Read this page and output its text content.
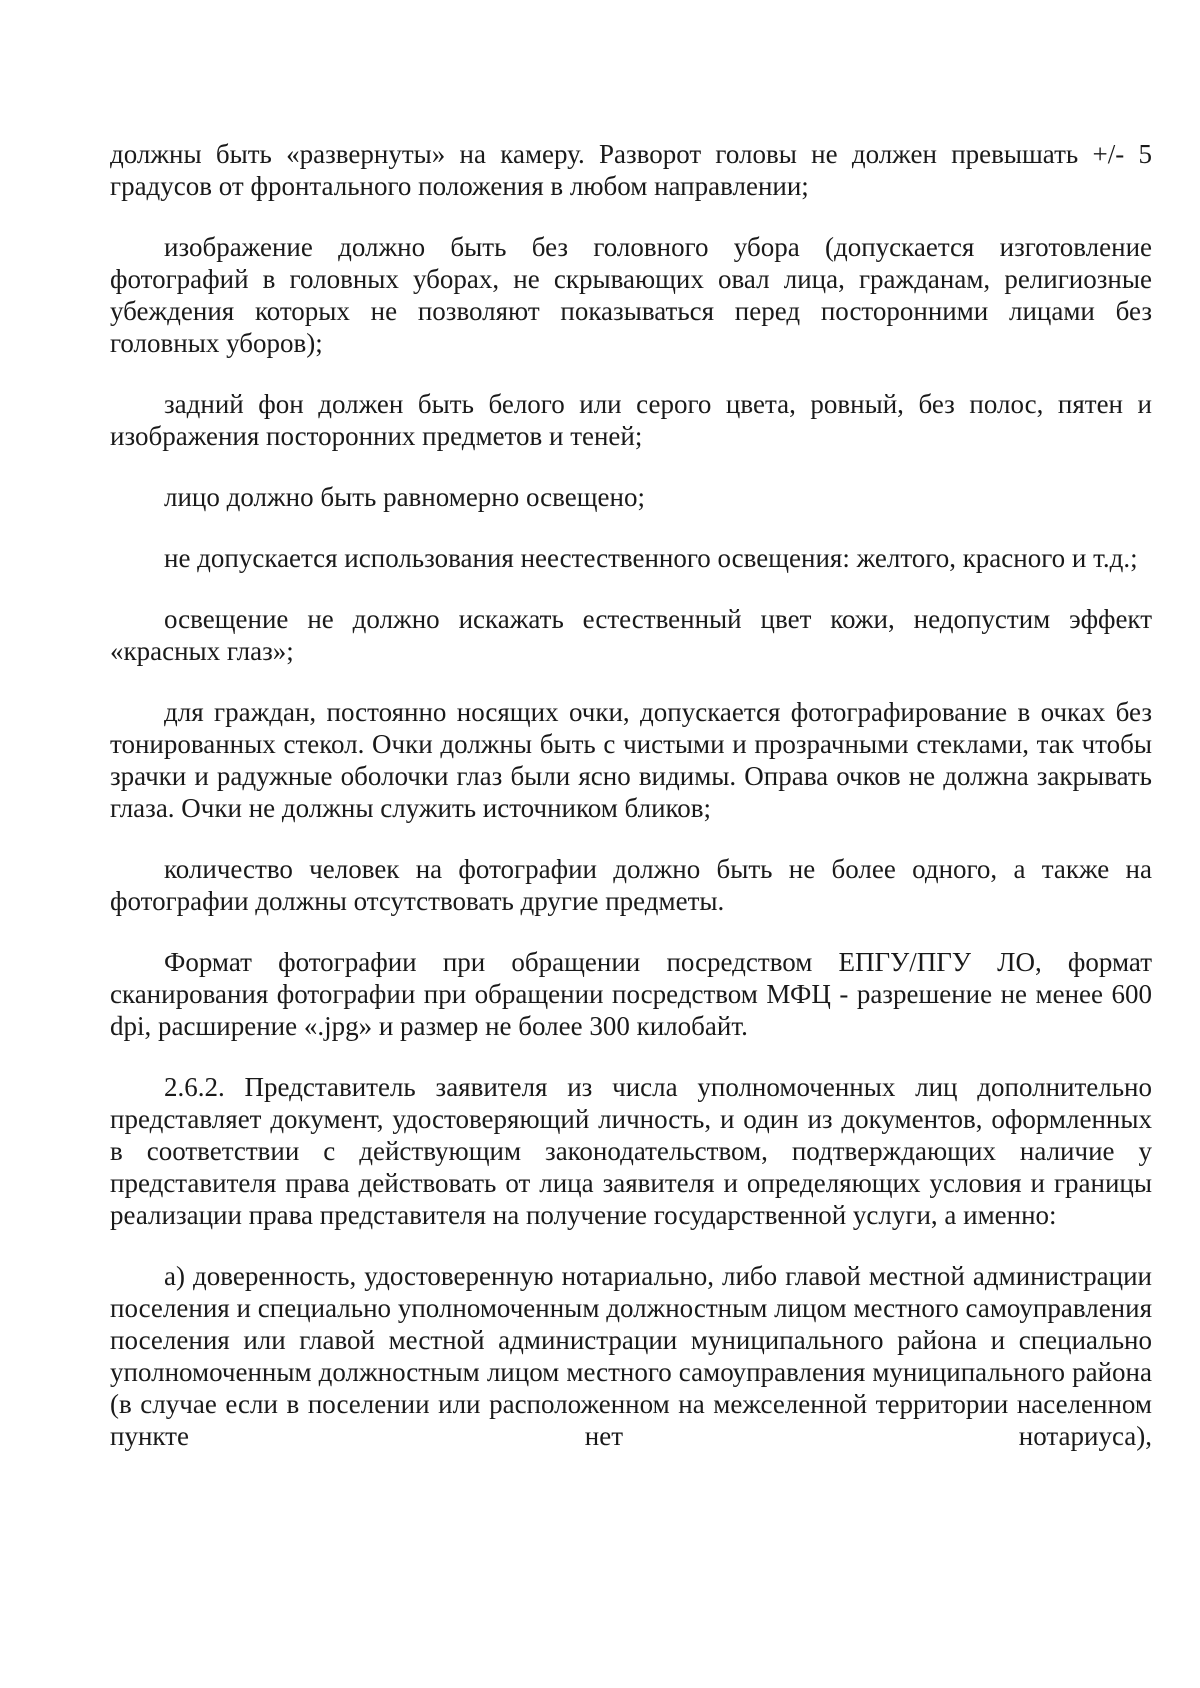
должны быть «развернуты» на камеру. Разворот головы не должен превышать +/- 5 градусов от фронтального положения в любом направлении;

изображение должно быть без головного убора (допускается изготовление фотографий в головных уборах, не скрывающих овал лица, гражданам, религиозные убеждения которых не позволяют показываться перед посторонними лицами без головных уборов);

задний фон должен быть белого или серого цвета, ровный, без полос, пятен и изображения посторонних предметов и теней;

лицо должно быть равномерно освещено;

не допускается использования неестественного освещения: желтого, красного и т.д.;

освещение не должно искажать естественный цвет кожи, недопустим эффект «красных глаз»;

для граждан, постоянно носящих очки, допускается фотографирование в очках без тонированных стекол. Очки должны быть с чистыми и прозрачными стеклами, так чтобы зрачки и радужные оболочки глаз были ясно видимы. Оправа очков не должна закрывать глаза. Очки не должны служить источником бликов;

количество человек на фотографии должно быть не более одного, а также на фотографии должны отсутствовать другие предметы.

Формат фотографии при обращении посредством ЕПГУ/ПГУ ЛО, формат сканирования фотографии при обращении посредством МФЦ - разрешение не менее 600 dpi, расширение «.jpg» и размер не более 300 килобайт.

2.6.2. Представитель заявителя из числа уполномоченных лиц дополнительно представляет документ, удостоверяющий личность, и один из документов, оформленных в соответствии с действующим законодательством, подтверждающих наличие у представителя права действовать от лица заявителя и определяющих условия и границы реализации права представителя на получение государственной услуги, а именно:

а) доверенность, удостоверенную нотариально, либо главой местной администрации поселения и специально уполномоченным должностным лицом местного самоуправления поселения или главой местной администрации муниципального района и специально уполномоченным должностным лицом местного самоуправления муниципального района (в случае если в поселении или расположенном на межселенной территории населенном пункте нет нотариуса),
